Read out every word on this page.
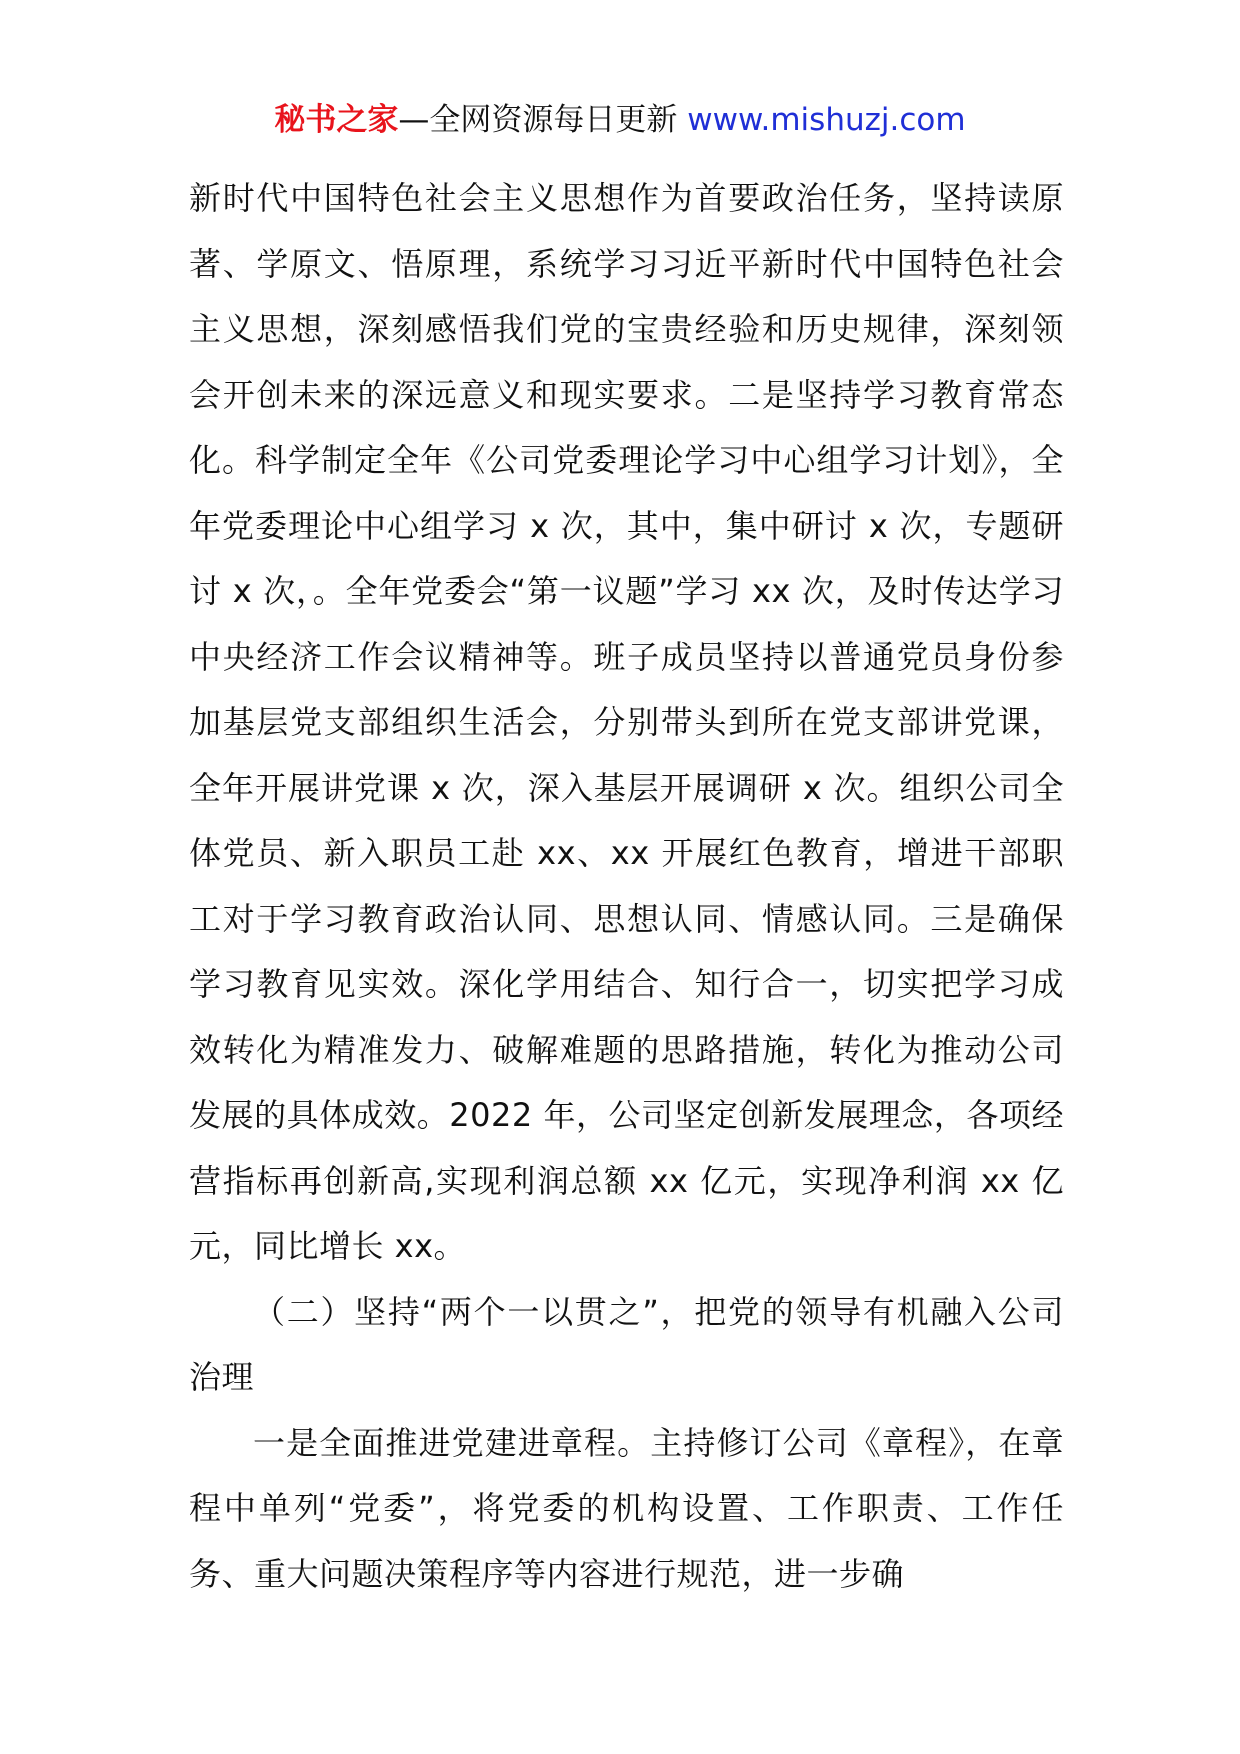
秘书之家—全网资源每日更新 www.mishuzj.com

新时代中国特色社会主义思想作为首要政治任务，坚持读原著、学原文、悟原理，系统学习习近平新时代中国特色社会主义思想，深刻感悟我们党的宝贵经验和历史规律，深刻领会开创未来的深远意义和现实要求。二是坚持学习教育常态化。科学制定全年《公司党委理论学习中心组学习计划》，全年党委理论中心组学习 x 次，其中，集中研讨 x 次，专题研讨 x 次，。全年党委会“第一议题”学习 xx 次，及时传达学习中央经济工作会议精神等。班子成员坚持以普通党员身份参加基层党支部组织生活会，分别带头到所在党支部讲党课，全年开展讲党课 x 次，深入基层开展调研 x 次。组织公司全体党员、新入职员工赴 xx、xx 开展红色教育，增进干部职工对于学习教育政治认同、思想认同、情感认同。三是确保学习教育见实效。深化学用结合、知行合一，切实把学习成效转化为精准发力、破解难题的思路措施，转化为推动公司发展的具体成效。2022 年，公司坚定创新发展理念，各项经营指标再创新高,实现利润总额 xx 亿元，实现净利润 xx 亿元，同比增长 xx。

（二）坚持“两个一以贯之”，把党的领导有机融入公司治理

一是全面推进党建进章程。主持修订公司《章程》，在章程中单列“党委”，将党委的机构设置、工作职责、工作任务、重大问题决策程序等内容进行规范，进一步确
